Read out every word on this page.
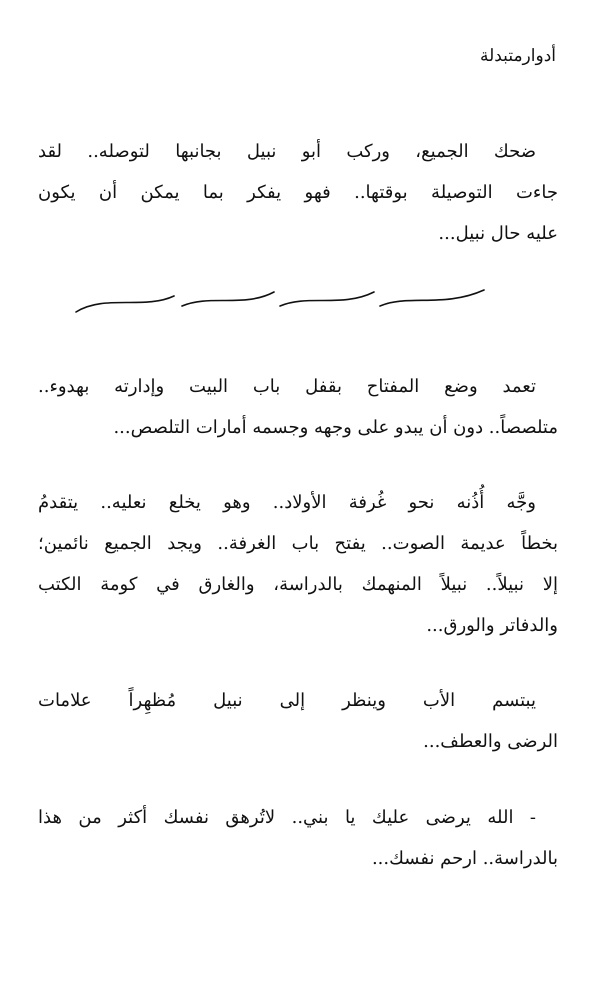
أدوارمتبدلة
ضحك الجميع، وركب أبو نبيل بجانبها لتوصله.. لقد
جاءت التوصيلة بوقتها.. فهو يفكر بما يمكن أن يكون
عليه حال نبيل...
تعمد وضع المفتاح بقفل باب البيت وإدارته بهدوء..
متلصصاً.. دون أن يبدو على وجهه وجسمه أمارات التلصص...
وجَّه أُذُنه نحو غُرفة الأولاد.. وهو يخلع نعليه.. يتقدمُ
بخطاً عديمة الصوت.. يفتح باب الغرفة.. ويجد الجميع نائمين؛
إلا نبيلاً.. نبيلاً المنهمك بالدراسة، والغارق في كومة الكتب
والدفاتر والورق...
يبتسم الأب وينظر إلى نبيل مُظهِراً علامات
الرضى والعطف...
- الله يرضى عليك يا بني.. لاتُرهق نفسك أكثر من هذا
بالدراسة.. ارحم نفسك...
